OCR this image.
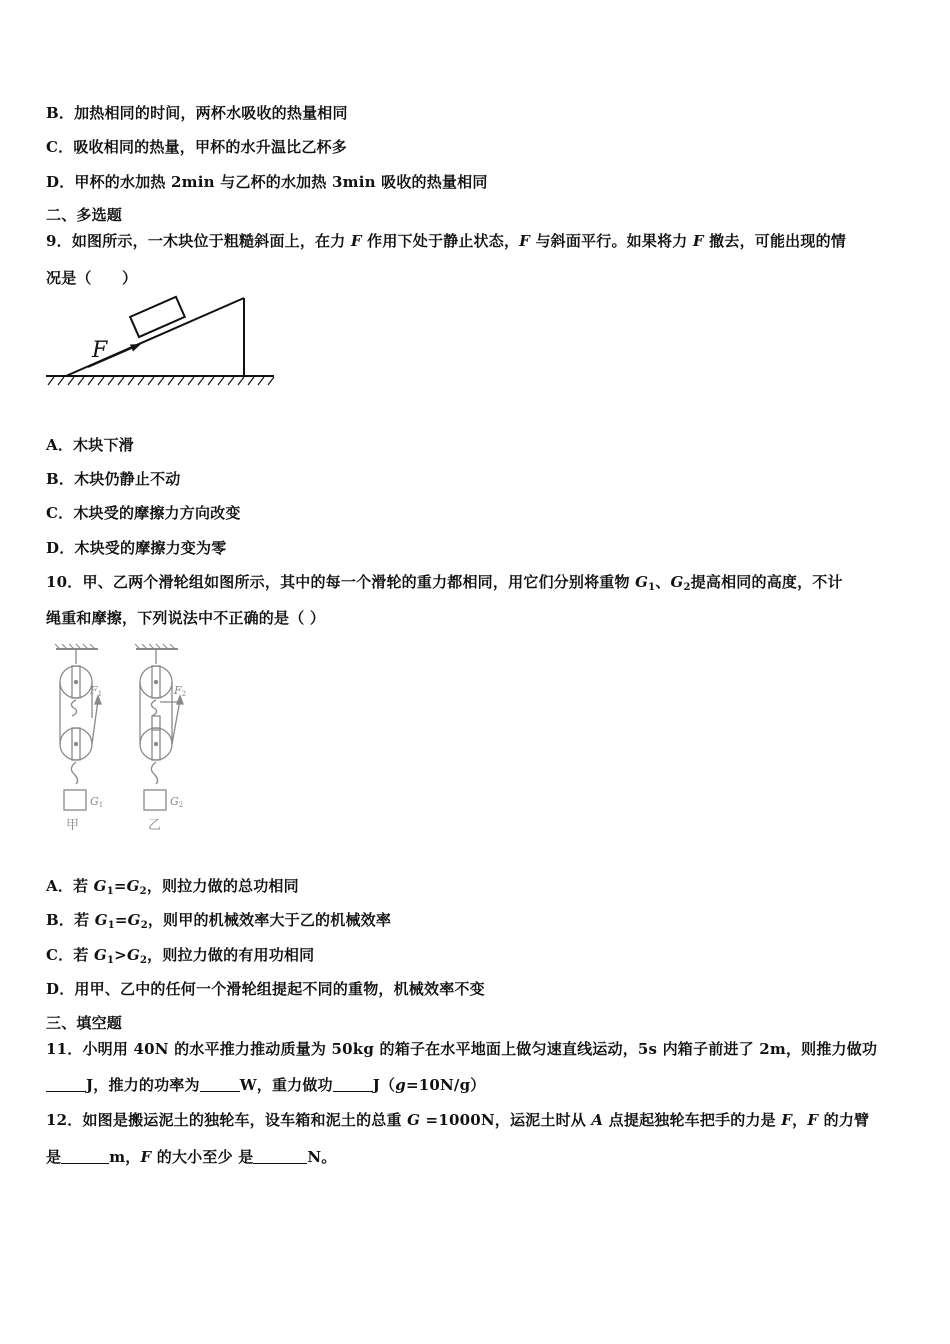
B．加热相同的时间，两杯水吸收的热量相同
C．吸收相同的热量，甲杯的水升温比乙杯多
D．甲杯的水加热 2min 与乙杯的水加热 3min 吸收的热量相同
二、多选题
9．如图所示，一木块位于粗糙斜面上，在力 F 作用下处于静止状态，F 与斜面平行。如果将力 F 撤去，可能出现的情
况是（　　）
F
A．木块下滑
B．木块仍静止不动
C．木块受的摩擦力方向改变
D．木块受的摩擦力变为零
10．甲、乙两个滑轮组如图所示，其中的每一个滑轮的重力都相同，用它们分别将重物 $G_1$、$G_2$提高相同的高度，不计
绳重和摩擦，下列说法中不正确的是（ ）
F1	F2
G1	G2
甲	乙
A．若 $G_1=G_2$，则拉力做的总功相同
B．若 $G_1=G_2$，则甲的机械效率大于乙的机械效率
C．若 $G_1>G_2$，则拉力做的有用功相同
D．用甲、乙中的任何一个滑轮组提起不同的重物，机械效率不变
三、填空题
11．小明用 40N 的水平推力推动质量为 50kg 的箱子在水平地面上做匀速直线运动，5s 内箱子前进了 2m，则推力做功
J，推力的功率为	W，重力做功	J（g=10N/g）
12．如图是搬运泥土的独轮车，设车箱和泥土的总重 G =1000N，运泥土时从 A 点提起独轮车把手的力是 F，F 的力臂
是	m，F 的大小至少 是	N。
